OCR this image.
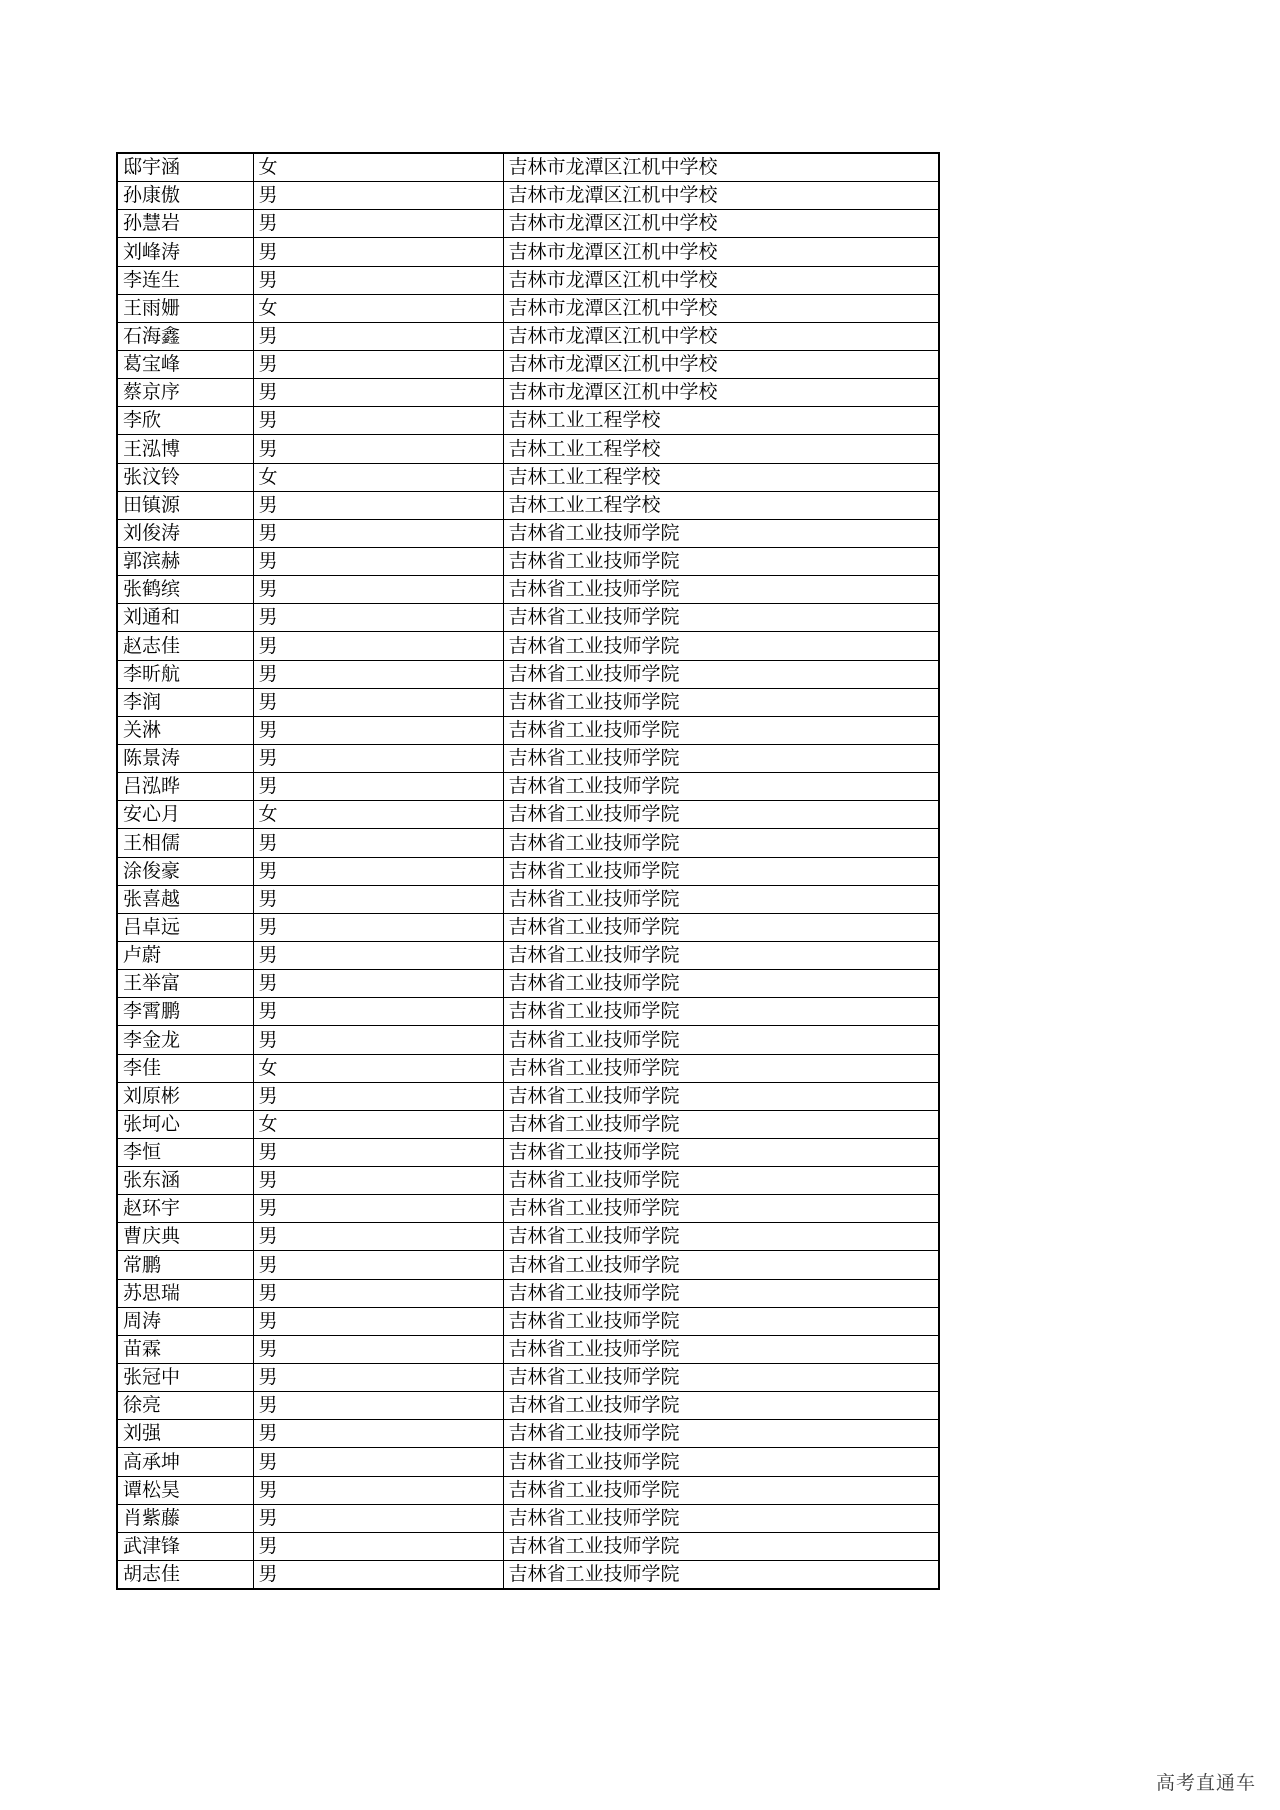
邸宇涵	女	吉林市龙潭区江机中学校
孙康傲	男	吉林市龙潭区江机中学校
孙慧岩	男	吉林市龙潭区江机中学校
刘峰涛	男	吉林市龙潭区江机中学校
李连生	男	吉林市龙潭区江机中学校
王雨姗	女	吉林市龙潭区江机中学校
石海鑫	男	吉林市龙潭区江机中学校
葛宝峰	男	吉林市龙潭区江机中学校
蔡京序	男	吉林市龙潭区江机中学校
李欣	男	吉林工业工程学校
王泓博	男	吉林工业工程学校
张汶铃	女	吉林工业工程学校
田镇源	男	吉林工业工程学校
刘俊涛	男	吉林省工业技师学院
郭滨赫	男	吉林省工业技师学院
张鹤缤	男	吉林省工业技师学院
刘通和	男	吉林省工业技师学院
赵志佳	男	吉林省工业技师学院
李昕航	男	吉林省工业技师学院
李润	男	吉林省工业技师学院
关淋	男	吉林省工业技师学院
陈景涛	男	吉林省工业技师学院
吕泓晔	男	吉林省工业技师学院
安心月	女	吉林省工业技师学院
王相儒	男	吉林省工业技师学院
涂俊豪	男	吉林省工业技师学院
张喜越	男	吉林省工业技师学院
吕卓远	男	吉林省工业技师学院
卢蔚	男	吉林省工业技师学院
王举富	男	吉林省工业技师学院
李霄鹏	男	吉林省工业技师学院
李金龙	男	吉林省工业技师学院
李佳	女	吉林省工业技师学院
刘原彬	男	吉林省工业技师学院
张坷心	女	吉林省工业技师学院
李恒	男	吉林省工业技师学院
张东涵	男	吉林省工业技师学院
赵环宇	男	吉林省工业技师学院
曹庆典	男	吉林省工业技师学院
常鹏	男	吉林省工业技师学院
苏思瑞	男	吉林省工业技师学院
周涛	男	吉林省工业技师学院
苗霖	男	吉林省工业技师学院
张冠中	男	吉林省工业技师学院
徐亮	男	吉林省工业技师学院
刘强	男	吉林省工业技师学院
高承坤	男	吉林省工业技师学院
谭松昊	男	吉林省工业技师学院
肖紫藤	男	吉林省工业技师学院
武津锋	男	吉林省工业技师学院
胡志佳	男	吉林省工业技师学院
高考直通车
